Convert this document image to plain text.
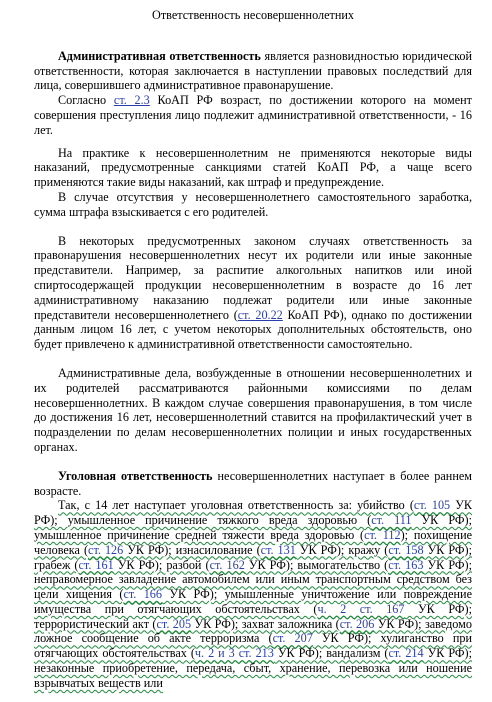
Ответственность несовершеннолетних

Административная ответственность является разновидностью юридической ответственности, которая заключается в наступлении правовых последствий для лица, совершившего административное правонарушение.

Согласно ст. 2.3 КоАП РФ возраст, по достижении которого на момент совершения преступления лицо подлежит административной ответственности, - 16 лет.

На практике к несовершеннолетним не применяются некоторые виды наказаний, предусмотренные санкциями статей КоАП РФ, а чаще всего применяются такие виды наказаний, как штраф и предупреждение.

В случае отсутствия у несовершеннолетнего самостоятельного заработка, сумма штрафа взыскивается с его родителей.

В некоторых предусмотренных законом случаях ответственность за правонарушения несовершеннолетних несут их родители или иные законные представители. Например, за распитие алкогольных напитков или иной спиртосодержащей продукции несовершеннолетним в возрасте до 16 лет административному наказанию подлежат родители или иные законные представители несовершеннолетнего (ст. 20.22 КоАП РФ), однако по достижении данным лицом 16 лет, с учетом некоторых дополнительных обстоятельств, оно будет привлечено к административной ответственности самостоятельно.

Административные дела, возбужденные в отношении несовершеннолетних и их родителей рассматриваются районными комиссиями по делам несовершеннолетних. В каждом случае совершения правонарушения, в том числе до достижения 16 лет, несовершеннолетний ставится на профилактический учет в подразделении по делам несовершеннолетних полиции и иных государственных органах.

Уголовная ответственность несовершеннолетних наступает в более раннем возрасте.

Так, с 14 лет наступает уголовная ответственность за: убийство (ст. 105 УК РФ); умышленное причинение тяжкого вреда здоровью (ст. 111 УК РФ); умышленное причинение средней тяжести вреда здоровью (ст. 112); похищение человека (ст. 126 УК РФ); изнасилование (ст. 131 УК РФ); кражу (ст. 158 УК РФ); грабеж (ст. 161 УК РФ); разбой (ст. 162 УК РФ); вымогательство (ст. 163 УК РФ); неправомерное завладение автомобилем или иным транспортным средством без цели хищения (ст. 166 УК РФ); умышленные уничтожение или повреждение имущества при отягчающих обстоятельствах (ч. 2 ст. 167 УК РФ); террористический акт (ст. 205 УК РФ); захват заложника (ст. 206 УК РФ); заведомо ложное сообщение об акте терроризма (ст. 207 УК РФ); хулиганство при отягчающих обстоятельствах (ч. 2 и 3 ст. 213 УК РФ); вандализм (ст. 214 УК РФ); незаконные приобретение, передача, сбыт, хранение, перевозка или ношение взрывчатых веществ или
